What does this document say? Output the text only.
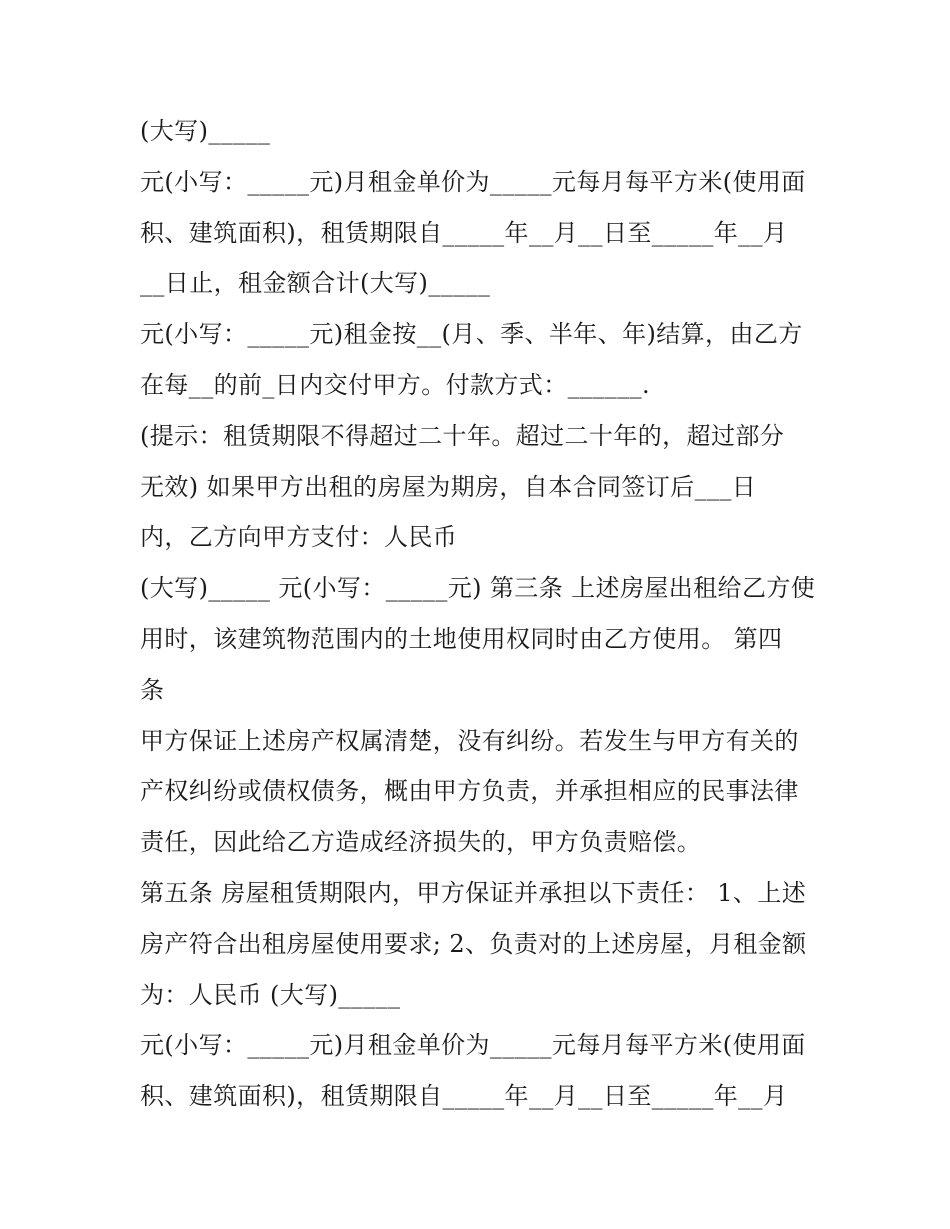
(大写)_____
元(小写：_____元)月租金单价为_____元每月每平方米(使用面
积、建筑面积)，租赁期限自_____年__月__日至_____年__月
__日止，租金额合计(大写)_____
元(小写：_____元)租金按__(月、季、半年、年)结算，由乙方
在每__的前_日内交付甲方。付款方式：______.
(提示：租赁期限不得超过二十年。超过二十年的，超过部分
无效) 如果甲方出租的房屋为期房，自本合同签订后___日
内，乙方向甲方支付：人民币
(大写)_____ 元(小写：_____元) 第三条 上述房屋出租给乙方使
用时，该建筑物范围内的土地使用权同时由乙方使用。 第四
条
甲方保证上述房产权属清楚，没有纠纷。若发生与甲方有关的
产权纠纷或债权债务，概由甲方负责，并承担相应的民事法律
责任，因此给乙方造成经济损失的，甲方负责赔偿。
第五条 房屋租赁期限内，甲方保证并承担以下责任： 1、上述
房产符合出租房屋使用要求; 2、负责对的上述房屋，月租金额
为：人民币 (大写)_____
元(小写：_____元)月租金单价为_____元每月每平方米(使用面
积、建筑面积)，租赁期限自_____年__月__日至_____年__月
